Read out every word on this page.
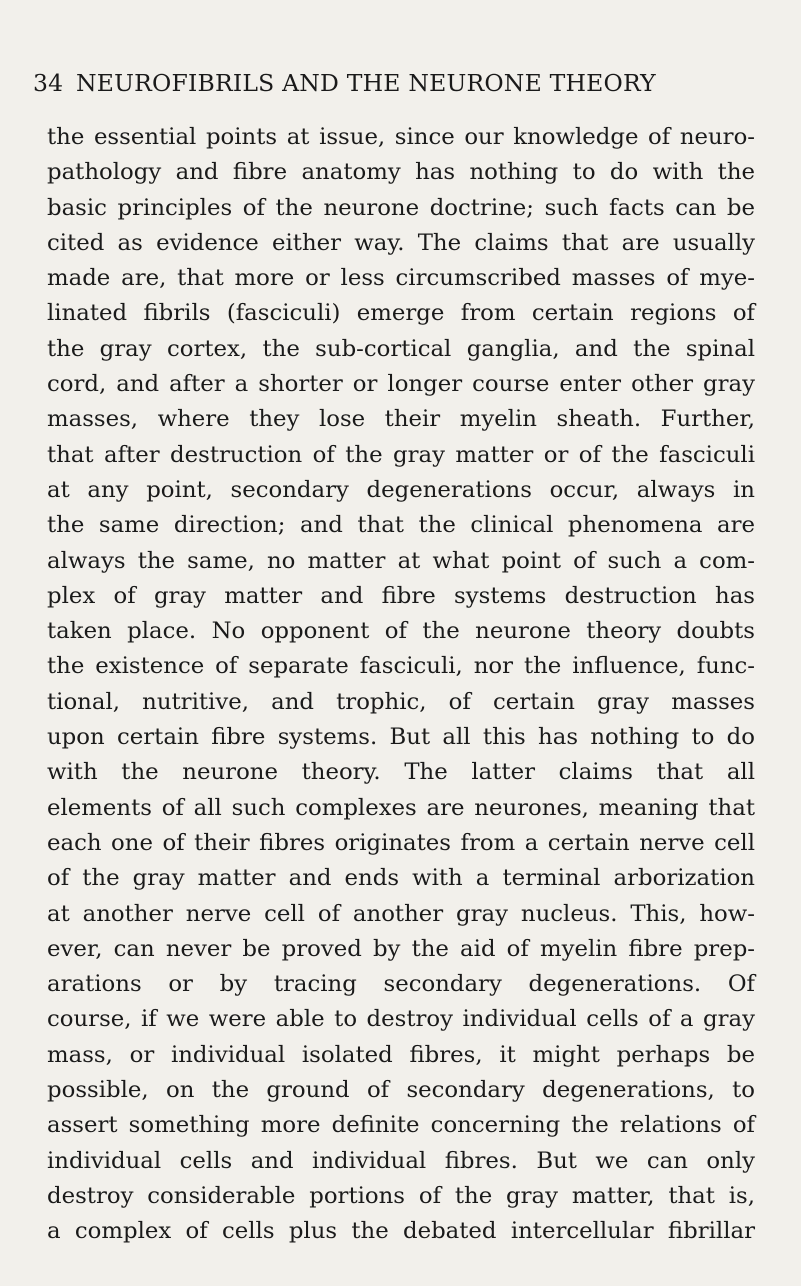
34 NEUROFIBRILS AND THE NEURONE THEORY
the essential points at issue, since our knowledge of neuro-
pathology and fibre anatomy has nothing to do with the
basic principles of the neurone doctrine; such facts can be
cited as evidence either way. The claims that are usually
made are, that more or less circumscribed masses of mye-
linated fibrils (fasciculi) emerge from certain regions of
the gray cortex, the sub-cortical ganglia, and the spinal
cord, and after a shorter or longer course enter other gray
masses, where they lose their myelin sheath. Further,
that after destruction of the gray matter or of the fasciculi
at any point, secondary degenerations occur, always in
the same direction; and that the clinical phenomena are
always the same, no matter at what point of such a com-
plex of gray matter and fibre systems destruction has
taken place. No opponent of the neurone theory doubts
the existence of separate fasciculi, nor the influence, func-
tional, nutritive, and trophic, of certain gray masses
upon certain fibre systems. But all this has nothing to do
with the neurone theory. The latter claims that all
elements of all such complexes are neurones, meaning that
each one of their fibres originates from a certain nerve cell
of the gray matter and ends with a terminal arborization
at another nerve cell of another gray nucleus. This, how-
ever, can never be proved by the aid of myelin fibre prep-
arations or by tracing secondary degenerations. Of
course, if we were able to destroy individual cells of a gray
mass, or individual isolated fibres, it might perhaps be
possible, on the ground of secondary degenerations, to
assert something more definite concerning the relations of
individual cells and individual fibres. But we can only
destroy considerable portions of the gray matter, that is,
a complex of cells plus the debated intercellular fibrillar
